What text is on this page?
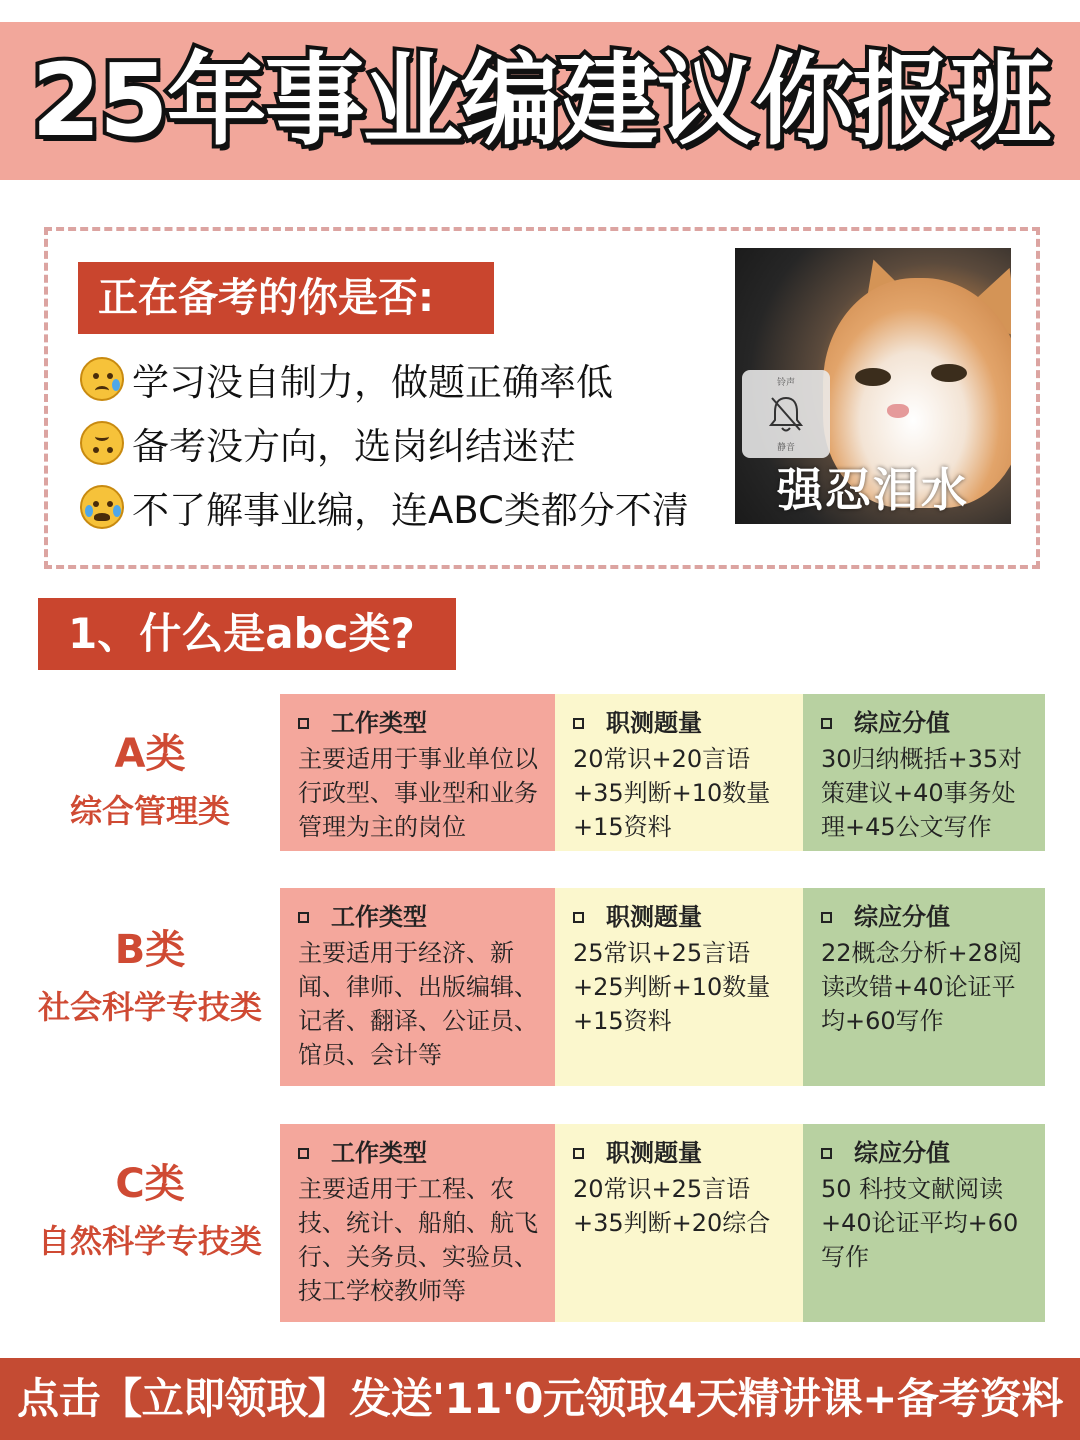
25年事业编建议你报班
正在备考的你是否:
学习没自制力，做题正确率低
备考没方向，选岗纠结迷茫
不了解事业编，连ABC类都分不清
铃声
静音
强忍泪水
1、什么是abc类?
A类
综合管理类
工作类型
主要适用于事业单位以行政型、事业型和业务管理为主的岗位
职测题量
20常识+20言语+35判断+10数量+15资料
综应分值
30归纳概括+35对策建议+40事务处理+45公文写作
B类
社会科学专技类
工作类型
主要适用于经济、新闻、律师、出版编辑、记者、翻译、公证员、馆员、会计等
职测题量
25常识+25言语+25判断+10数量+15资料
综应分值
22概念分析+28阅读改错+40论证平均+60写作
C类
自然科学专技类
工作类型
主要适用于工程、农技、统计、船舶、航飞行、关务员、实验员、技工学校教师等
职测题量
20常识+25言语+35判断+20综合
综应分值
50 科技文献阅读+40论证平均+60写作
点击【立即领取】发送'11'0元领取4天精讲课+备考资料
